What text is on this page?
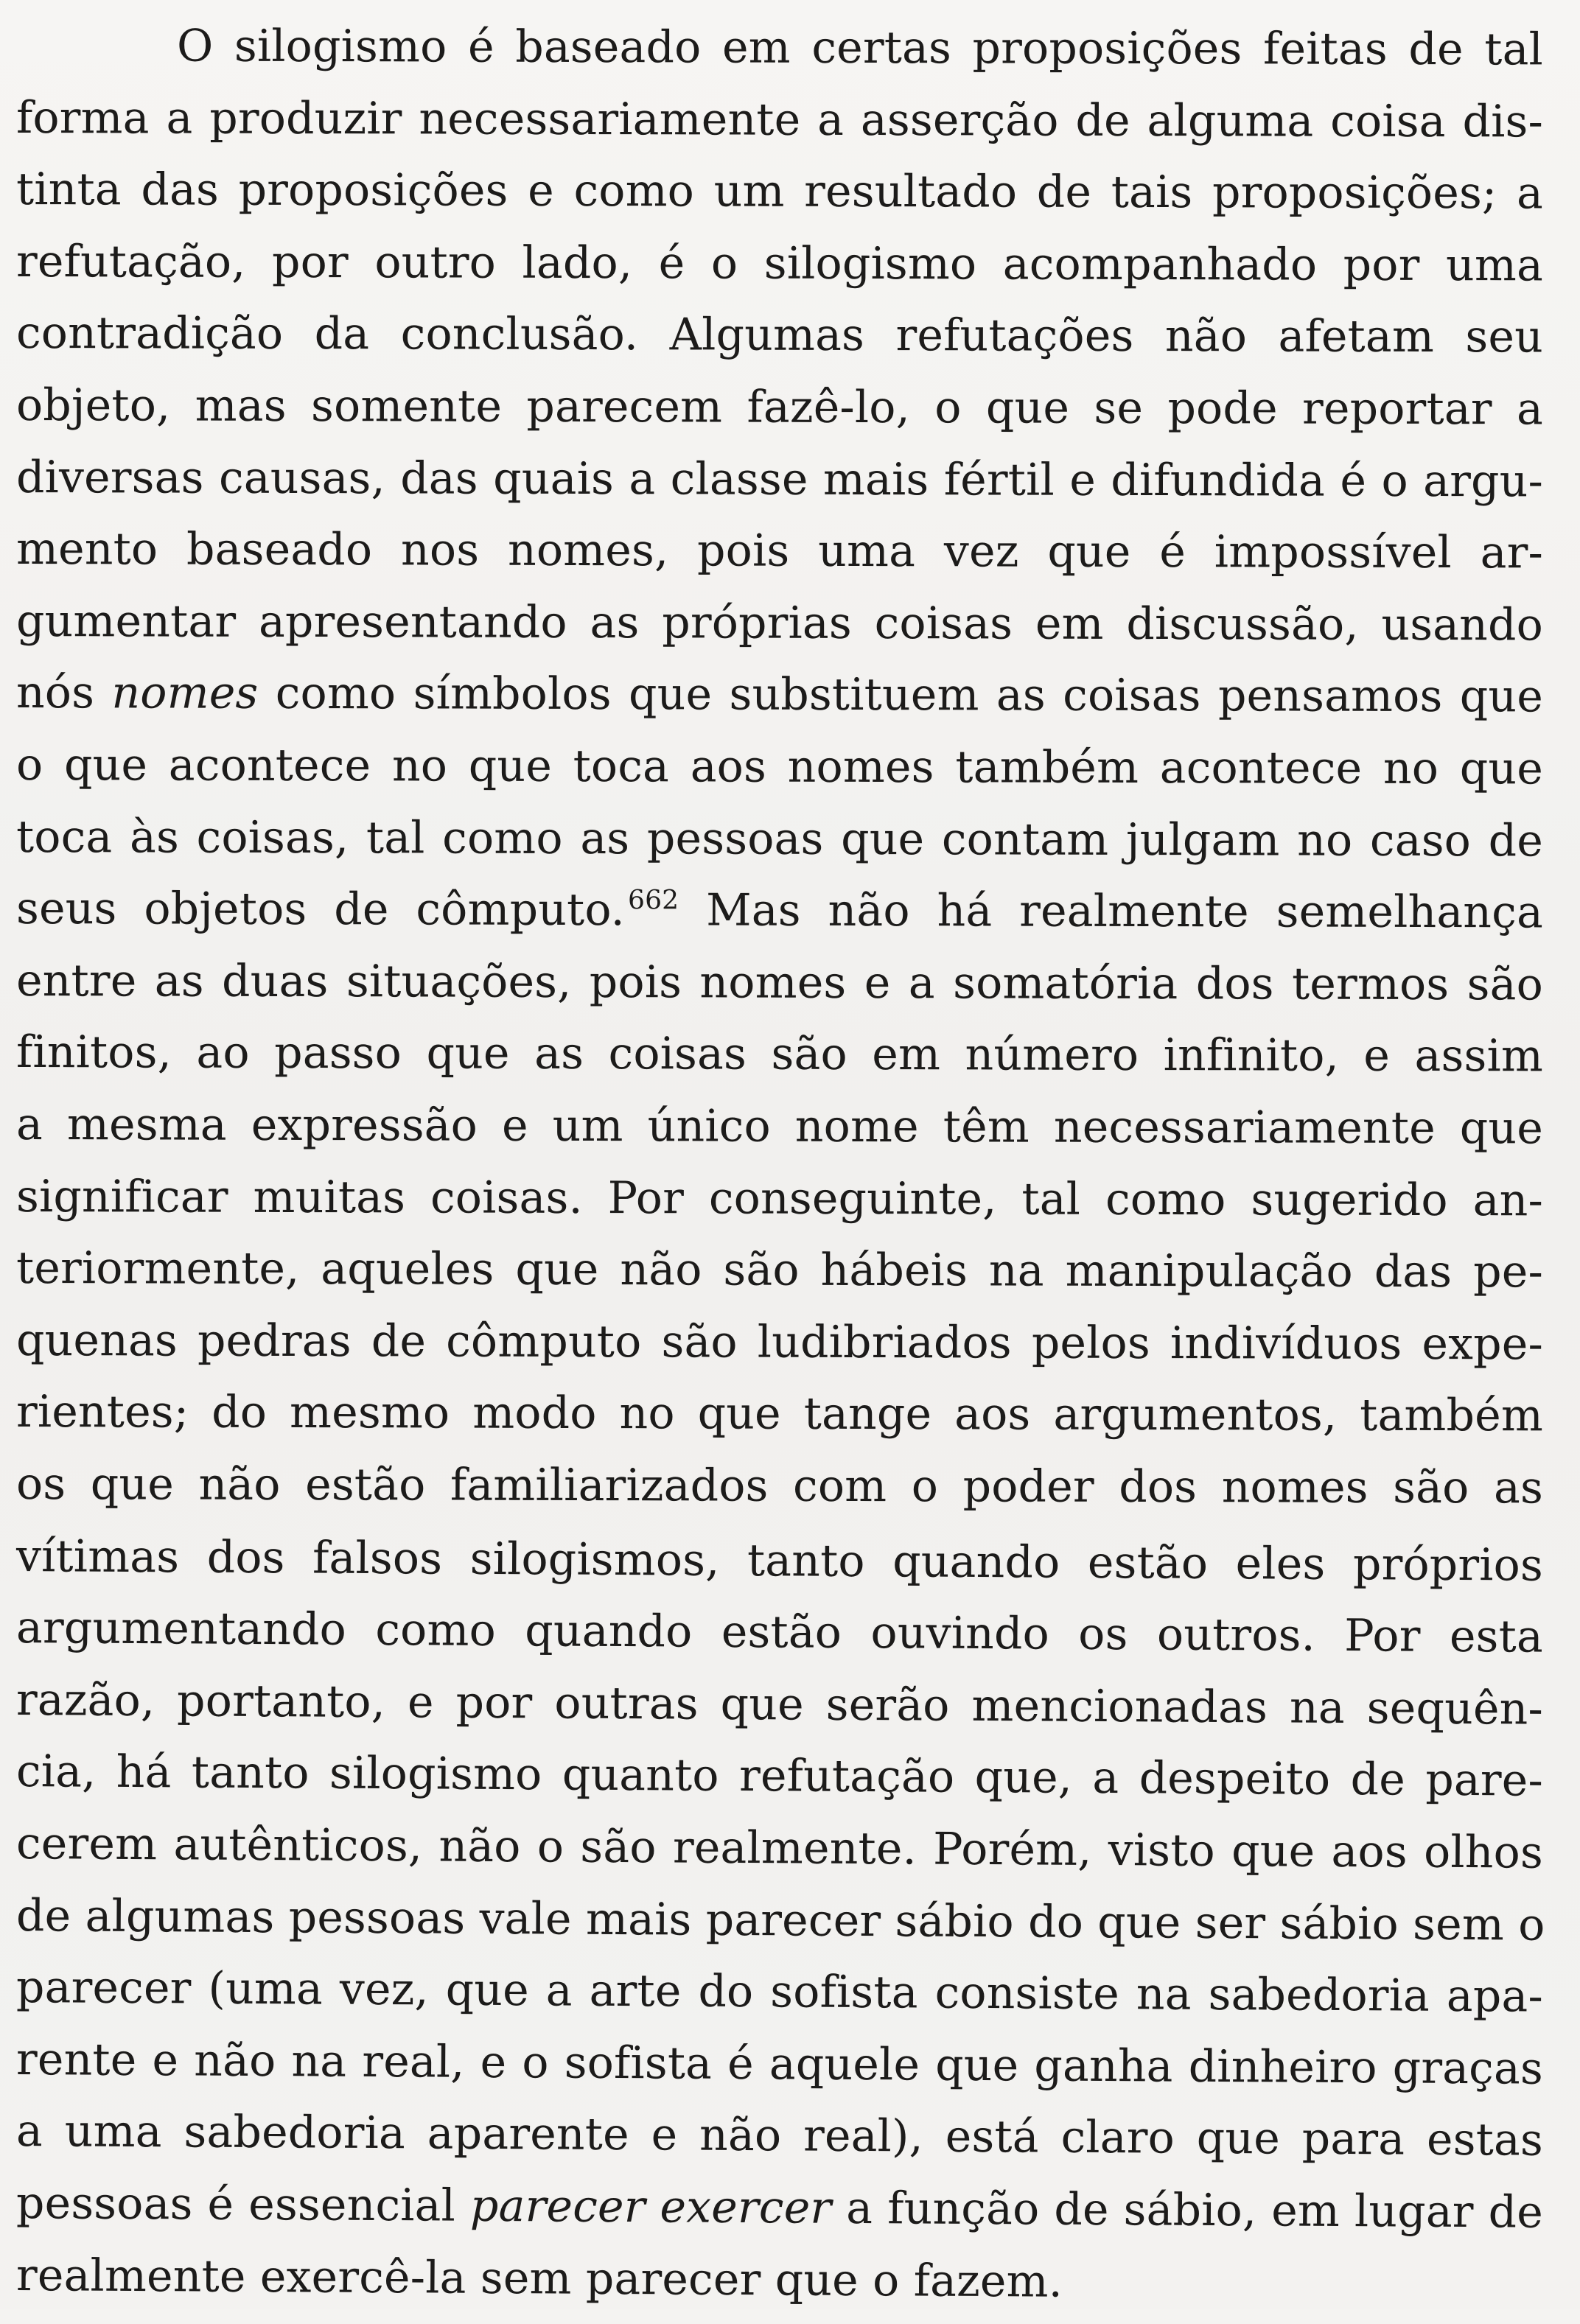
O silogismo é baseado em certas proposições feitas de tal
forma a produzir necessariamente a asserção de alguma coisa dis-
tinta das proposições e como um resultado de tais proposições; a
refutação, por outro lado, é o silogismo acompanhado por uma
contradição da conclusão. Algumas refutações não afetam seu
objeto, mas somente parecem fazê-lo, o que se pode reportar a
diversas causas, das quais a classe mais fértil e difundida é o argu-
mento baseado nos nomes, pois uma vez que é impossível ar-
gumentar apresentando as próprias coisas em discussão, usando
nós nomes como símbolos que substituem as coisas pensamos que
o que acontece no que toca aos nomes também acontece no que
toca às coisas, tal como as pessoas que contam julgam no caso de
seus objetos de cômputo. $^{662}$ Mas não há realmente semelhança
entre as duas situações, pois nomes e a somatória dos termos são
finitos, ao passo que as coisas são em número infinito, e assim
a mesma expressão e um único nome têm necessariamente que
significar muitas coisas. Por conseguinte, tal como sugerido an-
teriormente, aqueles que não são hábeis na manipulação das pe-
quenas pedras de cômputo são ludibriados pelos indivíduos expe-
rientes; do mesmo modo no que tange aos argumentos, também
os que não estão familiarizados com o poder dos nomes são as
vítimas dos falsos silogismos, tanto quando estão eles próprios
argumentando como quando estão ouvindo os outros. Por esta
razão, portanto, e por outras que serão mencionadas na sequên-
cia, há tanto silogismo quanto refutação que, a despeito de pare-
cerem autênticos, não o são realmente. Porém, visto que aos olhos
de algumas pessoas vale mais parecer sábio do que ser sábio sem o
parecer (uma vez, que a arte do sofista consiste na sabedoria apa-
rente e não na real, e o sofista é aquele que ganha dinheiro graças
a uma sabedoria aparente e não real), está claro que para estas
pessoas é essencial parecer exercer a função de sábio, em lugar de
realmente exercê-la sem parecer que o fazem.
